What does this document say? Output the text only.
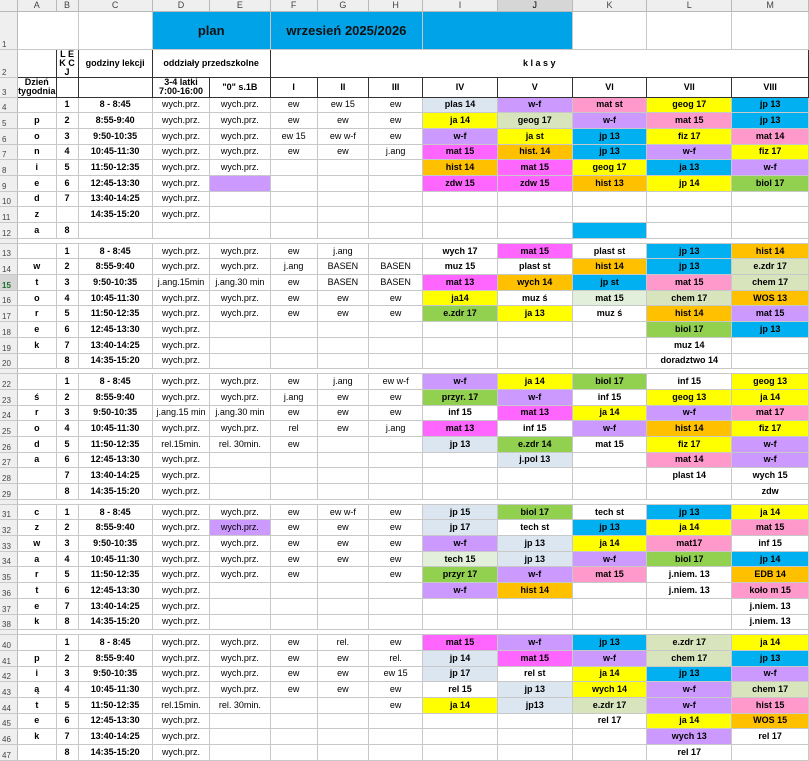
	A	B	C	D	E	F	G	H	I	J	K	L	M
1				plan		wrzesień 2025/2026							
2		L E K C J	godziny lekcji	oddziały przedszkolne		k l a s y							
3	Dzień tygodnia			3-4 latki 7:00-16:00	"0" s.1B	I	II	III	IV	V	VI	VII	VIII
4		1	8 - 8:45	wych.prz.	wych.prz.	ew	ew 15	ew	plas 14	w-f	mat st	geog 17	jp 13
5	p	2	8:55-9:40	wych.prz.	wych.prz.	ew	ew	ew	ja 14	geog 17	w-f	mat 15	jp 13
6	o	3	9:50-10:35	wych.prz.	wych.prz.	ew 15	ew w-f	ew	w-f	ja st	jp 13	fiz 17	mat 14
7	n	4	10:45-11:30	wych.prz.	wych.prz.	ew	ew	j.ang	mat 15	hist. 14	jp 13	w-f	fiz 17
8	i	5	11:50-12:35	wych.prz.	wych.prz.				hist 14	mat 15	geog 17	ja 13	w-f
9	e	6	12:45-13:30	wych.prz.					zdw 15	zdw 15	hist 13	jp 14	biol 17
10	d	7	13:40-14:25	wych.prz.									
11	z		14:35-15:20	wych.prz.									
12	a	8											

13		1	8 - 8:45	wych.prz.	wych.prz.	ew	j.ang		wych 17	mat 15	plast st	jp 13	hist 14
14	w	2	8:55-9:40	wych.prz.	wych.prz.	j.ang	BASEN	BASEN	muz 15	plast st	hist 14	jp 13	e.zdr 17
15	t	3	9:50-10:35	j.ang.15min	j.ang.30 min	ew	BASEN	BASEN	mat 13	wych 14	jp st	mat 15	chem 17
16	o	4	10:45-11:30	wych.prz.	wych.prz.	ew	ew	ew	ja14	muz ś	mat 15	chem 17	WOS 13
17	r	5	11:50-12:35	wych.prz.	wych.prz.	ew	ew	ew	e.zdr 17	ja 13	muz ś	hist 14	mat 15
18	e	6	12:45-13:30	wych.prz.								biol 17	jp 13
19	k	7	13:40-14:25	wych.prz.								muz 14	
20		8	14:35-15:20	wych.prz.								doradztwo 14	

22		1	8 - 8:45	wych.prz.	wych.prz.	ew	j.ang	ew w-f	w-f	ja 14	biol 17	inf 15	geog 13
23	ś	2	8:55-9:40	wych.prz.	wych.prz.	j.ang	ew	ew	przyr. 17	w-f	inf 15	geog 13	ja 14
24	r	3	9:50-10:35	j.ang.15 min	j.ang.30 min	ew	ew	ew	inf 15	mat 13	ja 14	w-f	mat 17
25	o	4	10:45-11:30	wych.prz.	wych.prz.	rel	ew	j.ang	mat 13	inf 15	w-f	hist 14	fiz 17
26	d	5	11:50-12:35	rel.15min.	rel. 30min.	ew			jp 13	e.zdr 14	mat 15	fiz 17	w-f
27	a	6	12:45-13:30	wych.prz.						j.pol 13		mat 14	w-f
28		7	13:40-14:25	wych.prz.								plast 14	wych 15
29		8	14:35-15:20	wych.prz.									zdw

31	c	1	8 - 8:45	wych.prz.	wych.prz.	ew	ew w-f	ew	jp 15	biol 17	tech st	jp 13	ja 14
32	z	2	8:55-9:40	wych.prz.	wych.prz.	ew	ew	ew	jp 17	tech st	jp 13	ja 14	mat 15
33	w	3	9:50-10:35	wych.prz.	wych.prz.	ew	ew	ew	w-f	jp 13	ja 14	mat17	inf 15
34	a	4	10:45-11:30	wych.prz.	wych.prz.	ew	ew	ew	tech 15	jp 13	w-f	biol 17	jp 14
35	r	5	11:50-12:35	wych.prz.	wych.prz.	ew		ew	przyr 17	w-f	mat 15	j.niem. 13	EDB 14
36	t	6	12:45-13:30	wych.prz.					w-f	hist 14		j.niem. 13	koło m 15
37	e	7	13:40-14:25	wych.prz.									j.niem. 13
38	k	8	14:35-15:20	wych.prz.									j.niem. 13

40		1	8 - 8:45	wych.prz.	wych.prz.	ew	rel.	ew	mat 15	w-f	jp 13	e.zdr 17	ja 14
41	p	2	8:55-9:40	wych.prz.	wych.prz.	ew	ew	rel.	jp 14	mat 15	w-f	chem 17	jp 13
42	i	3	9:50-10:35	wych.prz.	wych.prz.	ew	ew	ew 15	jp 17	rel st	ja 14	jp 13	w-f
43	ą	4	10:45-11:30	wych.prz.	wych.prz.	ew	ew	ew	rel 15	jp 13	wych 14	w-f	chem 17
44	t	5	11:50-12:35	rel.15min.	rel. 30min.			ew	ja 14	jp13	e.zdr 17	w-f	hist 15
45	e	6	12:45-13:30	wych.prz.							rel 17	ja 14	WOS 15
46	k	7	13:40-14:25	wych.prz.								wych 13	rel 17
47		8	14:35-15:20	wych.prz.								rel 17	
